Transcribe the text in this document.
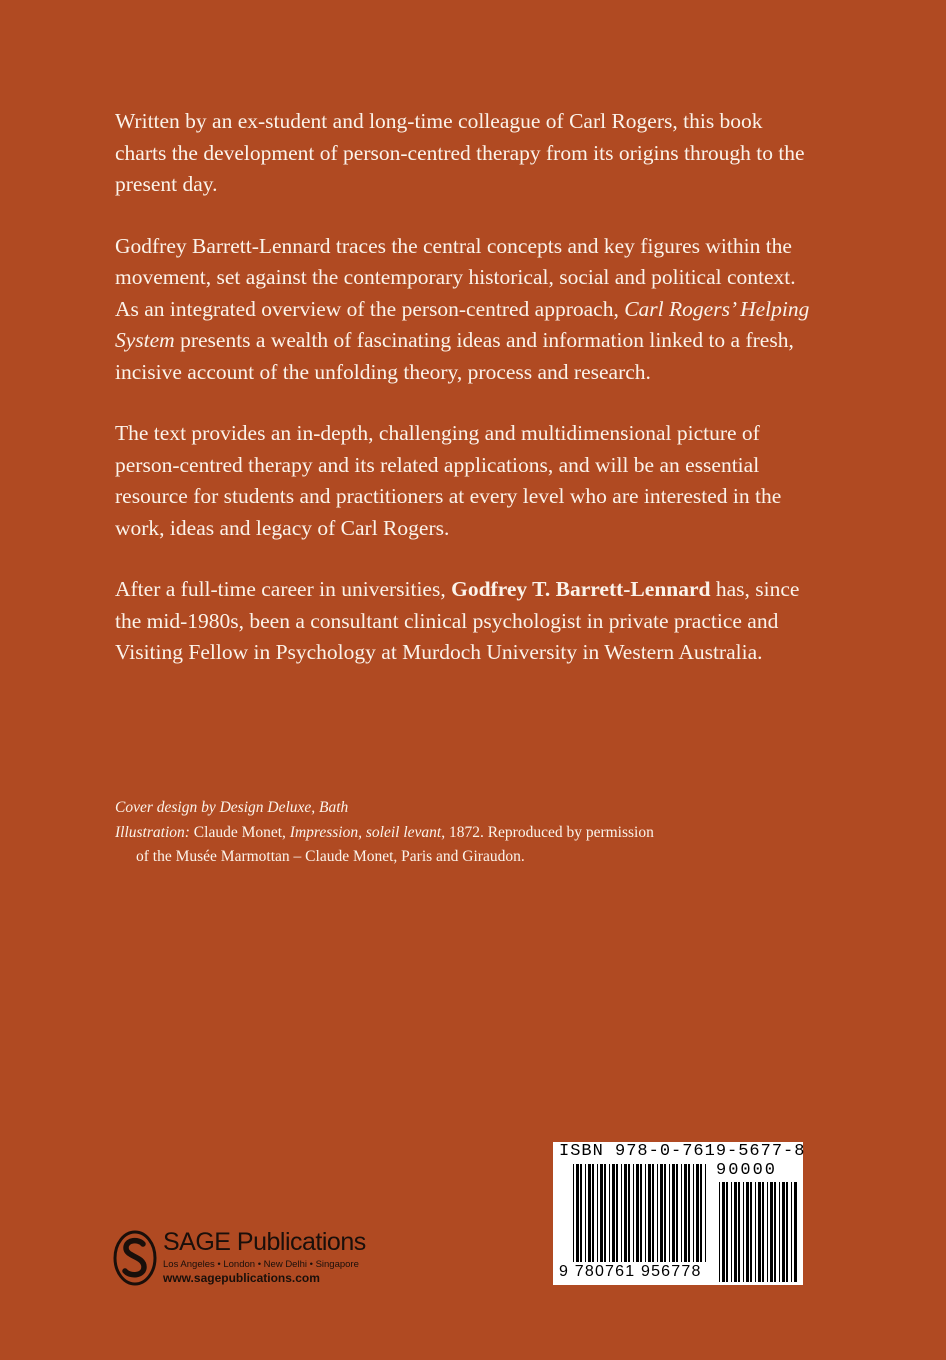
Written by an ex-student and long-time colleague of Carl Rogers, this book charts the development of person-centred therapy from its origins through to the present day.

Godfrey Barrett-Lennard traces the central concepts and key figures within the movement, set against the contemporary historical, social and political context. As an integrated overview of the person-centred approach, Carl Rogers’ Helping System presents a wealth of fascinating ideas and information linked to a fresh, incisive account of the unfolding theory, process and research.

The text provides an in-depth, challenging and multidimensional picture of person-centred therapy and its related applications, and will be an essential resource for students and practitioners at every level who are interested in the work, ideas and legacy of Carl Rogers.

After a full-time career in universities, Godfrey T. Barrett-Lennard has, since the mid-1980s, been a consultant clinical psychologist in private practice and Visiting Fellow in Psychology at Murdoch University in Western Australia.

Cover design by Design Deluxe, Bath

Illustration: Claude Monet, Impression, soleil levant, 1872. Reproduced by permission

of the Musée Marmottan – Claude Monet, Paris and Giraudon.

SAGE Publications
Los Angeles • London • New Delhi • Singapore
www.sagepublications.com
ISBN 978-0-7619-5677-8
90000
9 780761 956778
